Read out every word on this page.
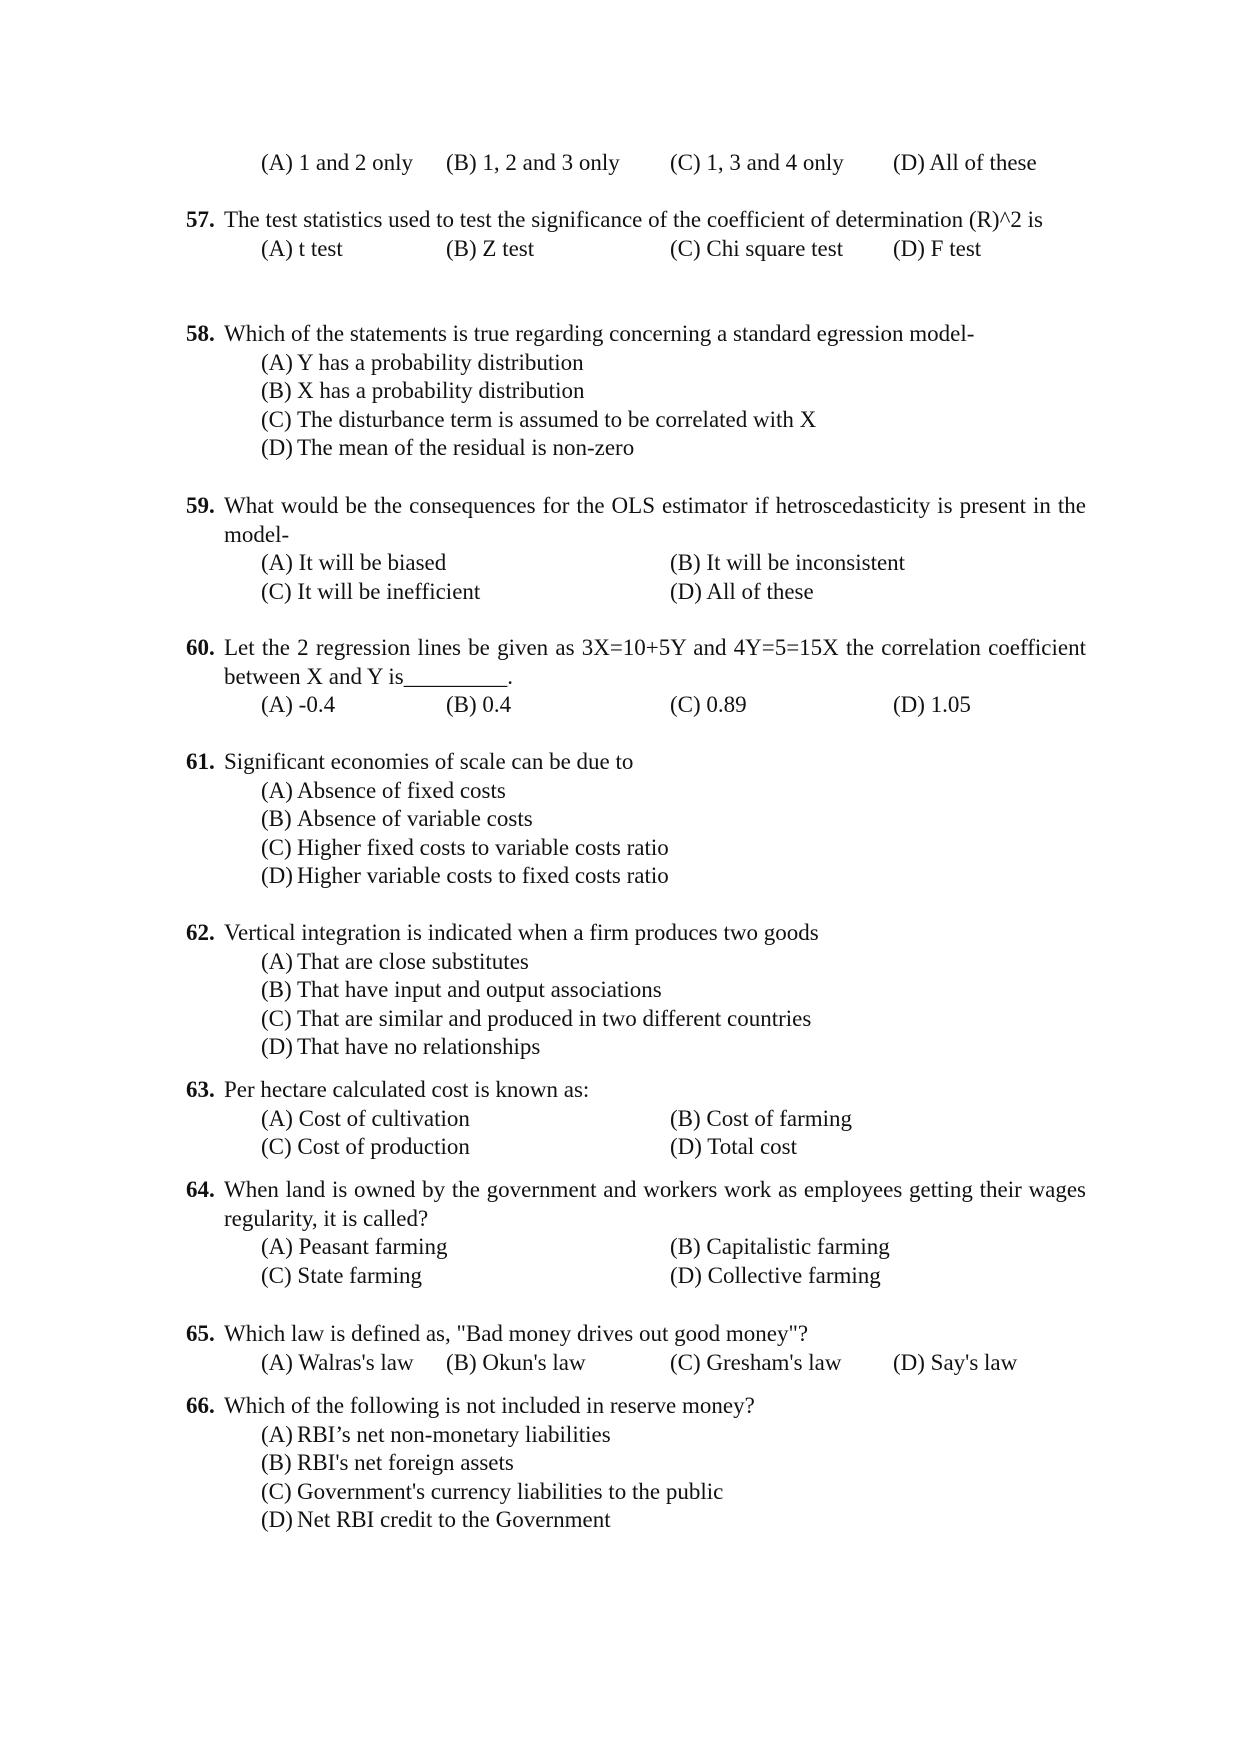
(A) 1 and 2 only (B) 1, 2 and 3 only (C) 1, 3 and 4 only (D) All of these
57. The test statistics used to test the significance of the coefficient of determination (R)^2 is
(A) t test	(B) Z test	(C) Chi square test (D) F test
58. Which of the statements is true regarding concerning a standard egression model-
(A) Y has a probability distribution
(B) X has a probability distribution
(C) The disturbance term is assumed to be correlated with X
(D) The mean of the residual is non-zero
59. What would be the consequences for the OLS estimator if hetroscedasticity is present in the model-
(A) It will be biased	(B) It will be inconsistent
(C) It will be inefficient	(D) All of these
60. Let the 2 regression lines be given as 3X=10+5Y and 4Y=5=15X the correlation coefficient between X and Y is_________.
(A) -0.4	(B) 0.4	(C) 0.89	(D) 1.05
61. Significant economies of scale can be due to
(A) Absence of fixed costs
(B) Absence of variable costs
(C) Higher fixed costs to variable costs ratio
(D) Higher variable costs to fixed costs ratio
62. Vertical integration is indicated when a firm produces two goods
(A) That are close substitutes
(B) That have input and output associations
(C) That are similar and produced in two different countries
(D) That have no relationships
63. Per hectare calculated cost is known as:
(A) Cost of cultivation	(B) Cost of farming
(C) Cost of production	(D) Total cost
64. When land is owned by the government and workers work as employees getting their wages regularity, it is called?
(A) Peasant farming	(B) Capitalistic farming
(C) State farming	(D) Collective farming
65. Which law is defined as, "Bad money drives out good money"?
(A) Walras's law (B) Okun's law	(C) Gresham's law (D) Say's law
66. Which of the following is not included in reserve money?
(A) RBI’s net non-monetary liabilities
(B) RBI's net foreign assets
(C) Government's currency liabilities to the public
(D) Net RBI credit to the Government
